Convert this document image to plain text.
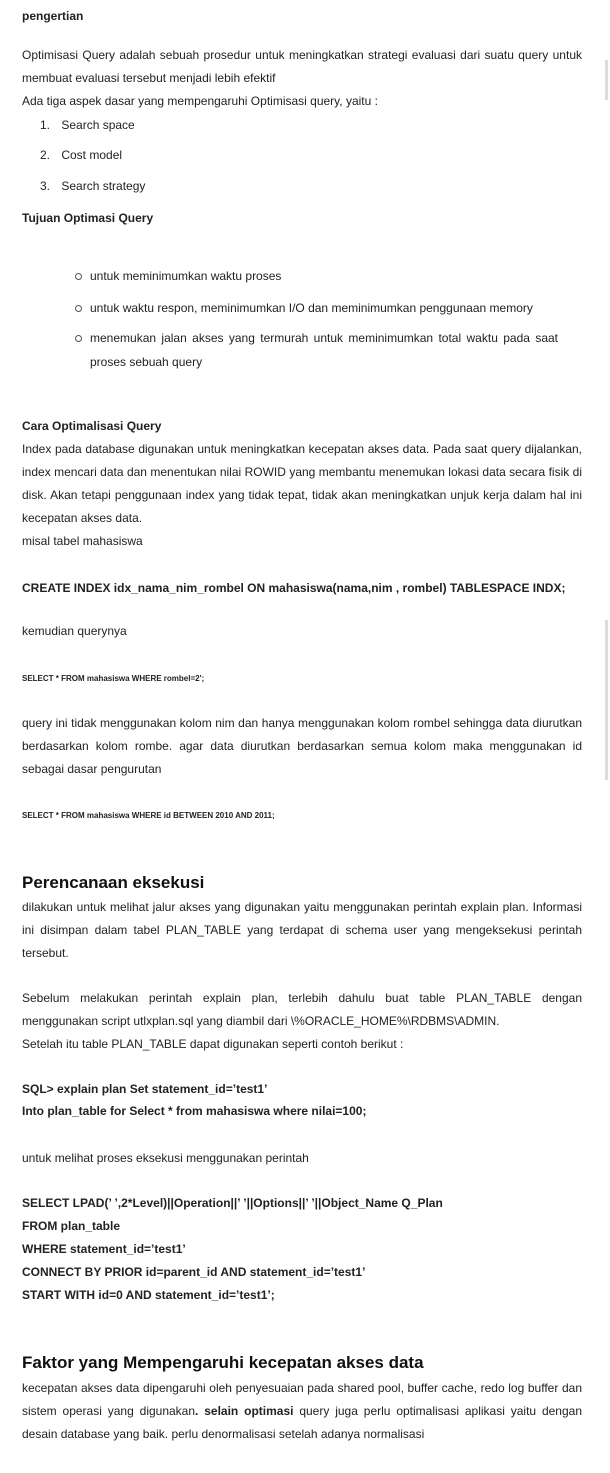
pengertian
Optimisasi Query adalah sebuah prosedur untuk meningkatkan strategi evaluasi dari suatu query untuk membuat evaluasi tersebut menjadi lebih efektif
Ada tiga aspek dasar yang mempengaruhi Optimisasi query, yaitu :
1. Search space
2. Cost model
3. Search strategy
Tujuan Optimasi Query
untuk meminimumkan waktu proses
untuk waktu respon, meminimumkan I/O dan meminimumkan penggunaan memory
menemukan jalan akses yang termurah untuk meminimumkan total waktu pada saat proses sebuah query
Cara Optimalisasi Query
Index pada database digunakan untuk meningkatkan kecepatan akses data. Pada saat query dijalankan, index mencari data dan menentukan nilai ROWID yang membantu menemukan lokasi data secara fisik di disk. Akan tetapi penggunaan index yang tidak tepat, tidak akan meningkatkan unjuk kerja dalam hal ini kecepatan akses data.
misal tabel mahasiswa
CREATE INDEX idx_nama_nim_rombel ON mahasiswa(nama,nim , rombel) TABLESPACE INDX;
kemudian querynya
SELECT * FROM mahasiswa WHERE rombel=2';
query ini tidak menggunakan kolom nim dan hanya menggunakan kolom rombel sehingga data diurutkan berdasarkan kolom rombe. agar data diurutkan berdasarkan semua kolom maka menggunakan id sebagai dasar pengurutan
SELECT * FROM mahasiswa WHERE id BETWEEN 2010 AND 2011;
Perencanaan eksekusi
dilakukan untuk melihat jalur akses yang digunakan yaitu menggunakan perintah explain plan. Informasi ini disimpan dalam tabel PLAN_TABLE yang terdapat di schema user yang mengeksekusi perintah tersebut.
Sebelum melakukan perintah explain plan, terlebih dahulu buat table PLAN_TABLE dengan menggunakan script utlxplan.sql yang diambil dari \%ORACLE_HOME%\RDBMS\ADMIN.
Setelah itu table PLAN_TABLE dapat digunakan seperti contoh berikut :
SQL> explain plan Set statement_id=’test1’
Into plan_table for Select * from mahasiswa where nilai=100;
untuk melihat proses eksekusi menggunakan perintah
SELECT LPAD(’ ’,2*Level)||Operation||’ ’||Options||’ ’||Object_Name Q_Plan
FROM plan_table
WHERE statement_id=’test1’
CONNECT BY PRIOR id=parent_id AND statement_id=’test1’
START WITH id=0 AND statement_id=’test1’;
Faktor yang Mempengaruhi kecepatan akses data
kecepatan akses data dipengaruhi oleh penyesuaian pada shared pool, buffer cache, redo log buffer dan sistem operasi yang digunakan. selain optimasi query juga perlu optimalisasi aplikasi yaitu dengan desain database yang baik. perlu denormalisasi setelah adanya normalisasi
